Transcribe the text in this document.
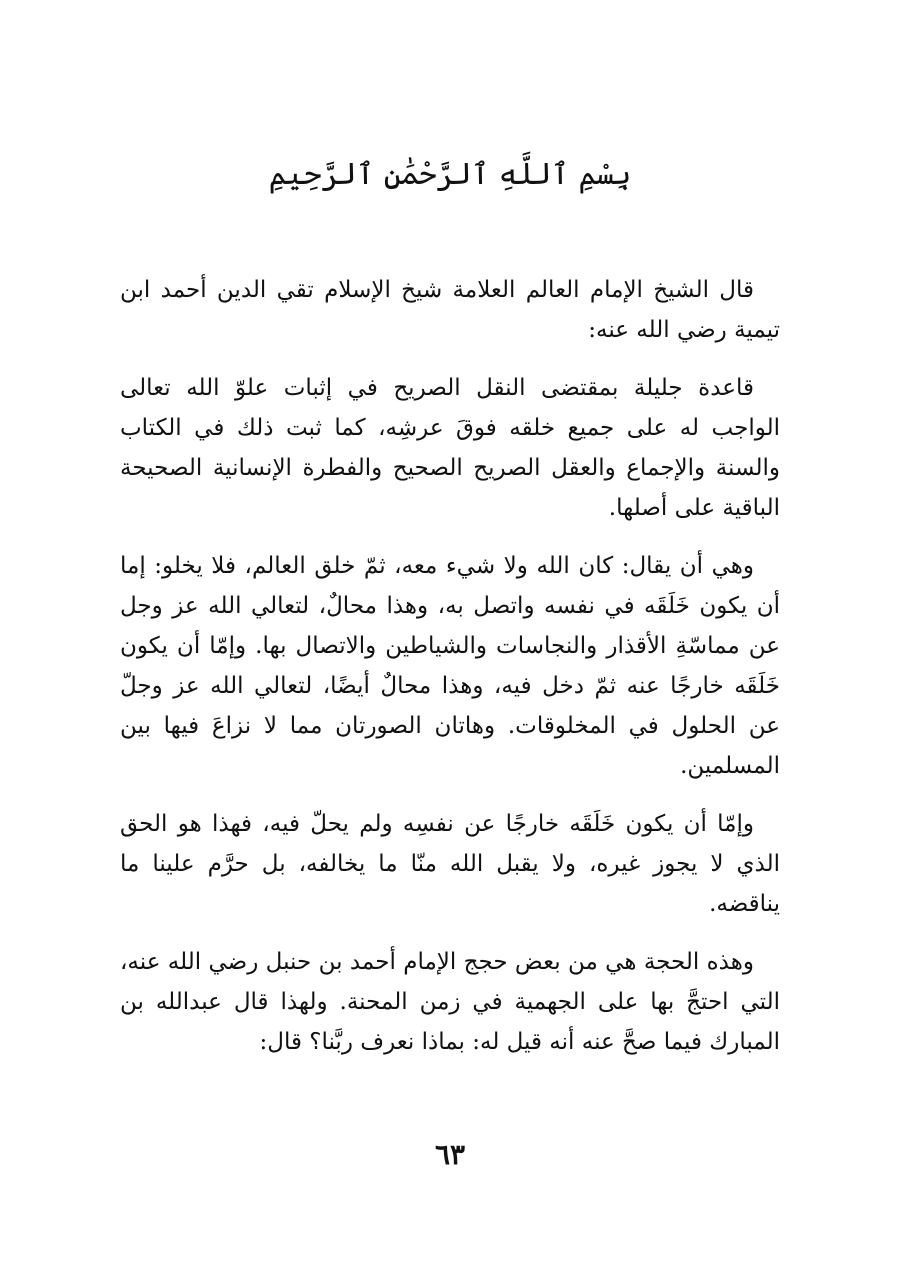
بِسْمِ ٱللَّهِ ٱلرَّحْمَٰنِ ٱلرَّحِيمِ

قال الشيخ الإمام العالم العلامة شيخ الإسلام تقي الدين أحمد ابن تيمية رضي الله عنه:

قاعدة جليلة بمقتضى النقل الصريح في إثبات علوّ الله تعالى الواجب له على جميع خلقه فوقَ عرشِه، كما ثبت ذلك في الكتاب والسنة والإجماع والعقل الصريح الصحيح والفطرة الإنسانية الصحيحة الباقية على أصلها.

وهي أن يقال: كان الله ولا شيء معه، ثمّ خلق العالم، فلا يخلو: إما أن يكون خَلَقَه في نفسه واتصل به، وهذا محالٌ، لتعالي الله عز وجل عن مماسّةِ الأقذار والنجاسات والشياطين والاتصال بها. وإمّا أن يكون خَلَقَه خارجًا عنه ثمّ دخل فيه، وهذا محالٌ أيضًا، لتعالي الله عز وجلّ عن الحلول في المخلوقات. وهاتان الصورتان مما لا نزاعَ فيها بين المسلمين.

وإمّا أن يكون خَلَقَه خارجًا عن نفسِه ولم يحلّ فيه، فهذا هو الحق الذي لا يجوز غيره، ولا يقبل الله منّا ما يخالفه، بل حرَّم علينا ما يناقضه.

وهذه الحجة هي من بعض حجج الإمام أحمد بن حنبل رضي الله عنه، التي احتجَّ بها على الجهمية في زمن المحنة. ولهذا قال عبدالله بن المبارك فيما صحَّ عنه أنه قيل له: بماذا نعرف ربَّنا؟ قال:

٦٣
